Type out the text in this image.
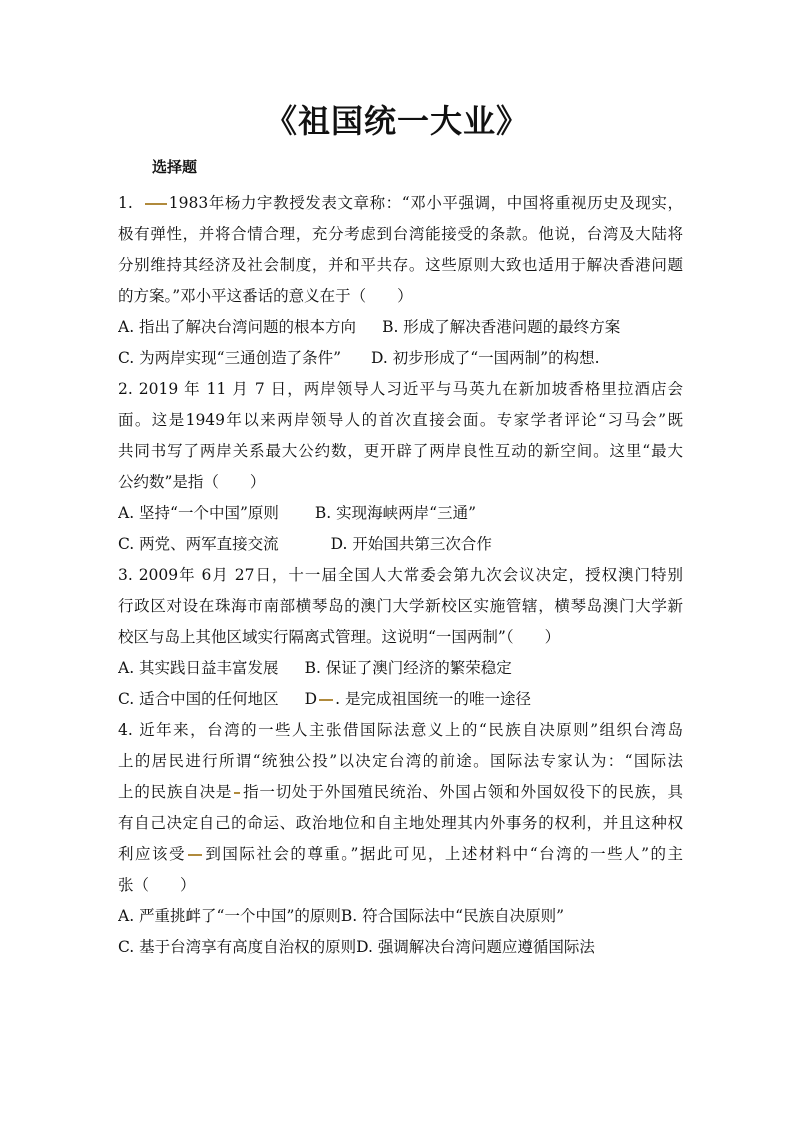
《祖国统一大业》
选择题
1. 1983年杨力宇教授发表文章称：“邓小平强调，中国将重视历史及现实，
极有弹性，并将合情合理，充分考虑到台湾能接受的条款。他说，台湾及大陆将
分别维持其经济及社会制度，并和平共存。这些原则大致也适用于解决香港问题
的方案。”邓小平这番话的意义在于（　　）
A. 指出了解决台湾问题的根本方向 B. 形成了解决香港问题的最终方案
C. 为两岸实现“三通创造了条件” D. 初步形成了“一国两制”的构想.
2. 2019 年 11 月 7 日，两岸领导人习近平与马英九在新加坡香格里拉酒店会
面。这是1949年以来两岸领导人的首次直接会面。专家学者评论“习马会”既
共同书写了两岸关系最大公约数，更开辟了两岸良性互动的新空间。这里“最大
公约数”是指（　　）
A. 坚持“一个中国”原则 B. 实现海峡两岸“三通”
C. 两党、两军直接交流	D. 开始国共第三次合作
3. 2009年 6月 27日，十一届全国人大常委会第九次会议决定，授权澳门特别
行政区对设在珠海市南部横琴岛的澳门大学新校区实施管辖，横琴岛澳门大学新
校区与岛上其他区域实行隔离式管理。这说明“一国两制”（　　）
A. 其实践日益丰富发展 B. 保证了澳门经济的繁荣稳定
C. 适合中国的任何地区 D . 是完成祖国统一的唯一途径
4. 近年来，台湾的一些人主张借国际法意义上的“民族自决原则”组织台湾岛
上的居民进行所谓“统独公投”以决定台湾的前途。国际法专家认为：“国际法
上的民族自决是 指一切处于外国殖民统治、外国占领和外国奴役下的民族，具
有自己决定自己的命运、政治地位和自主地处理其内外事务的权利，并且这种权
利应该受 到国际社会的尊重。”据此可见，上述材料中“台湾的一些人”的主
张（　　）
A. 严重挑衅了“一个中国”的原则B. 符合国际法中“民族自决原则”
C. 基于台湾享有高度自治权的原则D. 强调解决台湾问题应遵循国际法
